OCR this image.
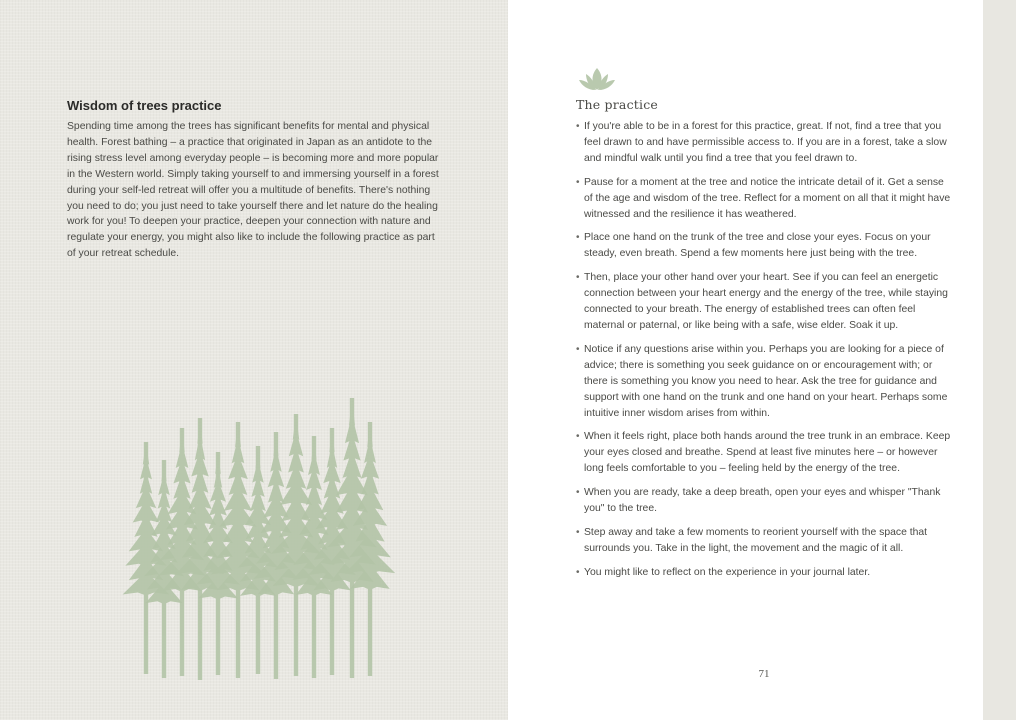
Wisdom of trees practice

Spending time among the trees has significant benefits for mental and physical health. Forest bathing – a practice that originated in Japan as an antidote to the rising stress level among everyday people – is becoming more and more popular in the Western world. Simply taking yourself to and immersing yourself in a forest during your self-led retreat will offer you a multitude of benefits. There's nothing you need to do; you just need to take yourself there and let nature do the healing work for you! To deepen your practice, deepen your connection with nature and regulate your energy, you might also like to include the following practice as part of your retreat schedule.

The practice
• If you're able to be in a forest for this practice, great. If not, find a tree that you feel drawn to and have permissible access to. If you are in a forest, take a slow and mindful walk until you find a tree that you feel drawn to.
• Pause for a moment at the tree and notice the intricate detail of it. Get a sense of the age and wisdom of the tree. Reflect for a moment on all that it might have witnessed and the resilience it has weathered.
• Place one hand on the trunk of the tree and close your eyes. Focus on your steady, even breath. Spend a few moments here just being with the tree.
• Then, place your other hand over your heart. See if you can feel an energetic connection between your heart energy and the energy of the tree, while staying connected to your breath. The energy of established trees can often feel maternal or paternal, or like being with a safe, wise elder. Soak it up.
• Notice if any questions arise within you. Perhaps you are looking for a piece of advice; there is something you seek guidance on or encouragement with; or there is something you know you need to hear. Ask the tree for guidance and support with one hand on the trunk and one hand on your heart. Perhaps some intuitive inner wisdom arises from within.
• When it feels right, place both hands around the tree trunk in an embrace. Keep your eyes closed and breathe. Spend at least five minutes here – or however long feels comfortable to you – feeling held by the energy of the tree.
• When you are ready, take a deep breath, open your eyes and whisper "Thank you" to the tree.
• Step away and take a few moments to reorient yourself with the space that surrounds you. Take in the light, the movement and the magic of it all.
• You might like to reflect on the experience in your journal later.
71
